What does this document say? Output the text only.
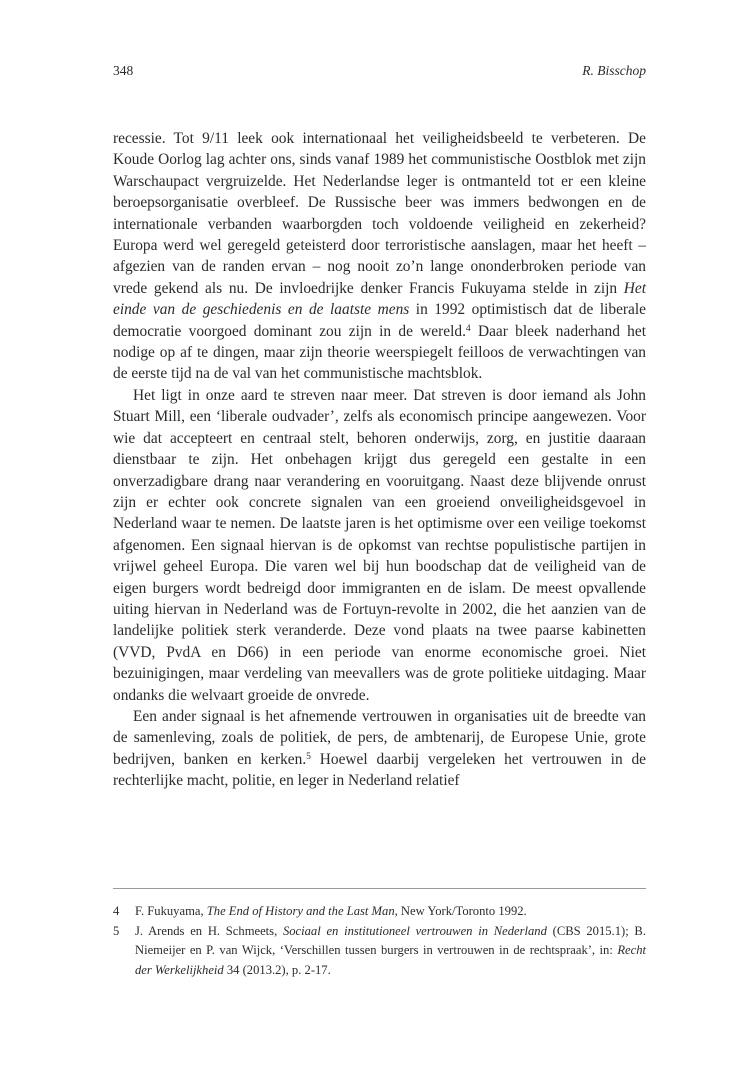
348	R. Bisschop

recessie. Tot 9/11 leek ook internationaal het veiligheidsbeeld te verbeteren. De Koude Oorlog lag achter ons, sinds vanaf 1989 het communistische Oostblok met zijn Warschaupact vergruizelde. Het Nederlandse leger is ontmanteld tot er een kleine beroepsorganisatie overbleef. De Russische beer was immers bedwongen en de internationale verbanden waarborgden toch voldoende veiligheid en zekerheid? Europa werd wel geregeld geteisterd door terroristische aanslagen, maar het heeft – afgezien van de randen ervan – nog nooit zo’n lange ononderbroken periode van vrede gekend als nu. De invloedrijke denker Francis Fukuyama stelde in zijn Het einde van de geschiedenis en de laatste mens in 1992 optimistisch dat de liberale democratie voorgoed dominant zou zijn in de wereld.$^4$ Daar bleek naderhand het nodige op af te dingen, maar zijn theorie weerspiegelt feilloos de verwachtingen van de eerste tijd na de val van het communistische machtsblok.

Het ligt in onze aard te streven naar meer. Dat streven is door iemand als John Stuart Mill, een ‘liberale oudvader’, zelfs als economisch principe aangewezen. Voor wie dat accepteert en centraal stelt, behoren onderwijs, zorg, en justitie daaraan dienstbaar te zijn. Het onbehagen krijgt dus geregeld een gestalte in een onverzadigbare drang naar verandering en vooruitgang. Naast deze blijvende onrust zijn er echter ook concrete signalen van een groeiend onveiligheidsgevoel in Nederland waar te nemen. De laatste jaren is het optimisme over een veilige toekomst afgenomen. Een signaal hiervan is de opkomst van rechtse populistische partijen in vrijwel geheel Europa. Die varen wel bij hun boodschap dat de veiligheid van de eigen burgers wordt bedreigd door immigranten en de islam. De meest opvallende uiting hiervan in Nederland was de Fortuyn-revolte in 2002, die het aanzien van de landelijke politiek sterk veranderde. Deze vond plaats na twee paarse kabinetten (VVD, PvdA en D66) in een periode van enorme economische groei. Niet bezuinigingen, maar verdeling van meevallers was de grote politieke uitdaging. Maar ondanks die welvaart groeide de onvrede.

Een ander signaal is het afnemende vertrouwen in organisaties uit de breedte van de samenleving, zoals de politiek, de pers, de ambtenarij, de Europese Unie, grote bedrijven, banken en kerken.$^5$ Hoewel daarbij vergeleken het vertrouwen in de rechterlijke macht, politie, en leger in Nederland relatief

4 F. Fukuyama, The End of History and the Last Man, New York/Toronto 1992.
5 J. Arends en H. Schmeets, Sociaal en institutioneel vertrouwen in Nederland (CBS 2015.1); B. Niemeijer en P. van Wijck, ‘Verschillen tussen burgers in vertrouwen in de rechtspraak’, in: Recht der Werkelijkheid 34 (2013.2), p. 2-17.
